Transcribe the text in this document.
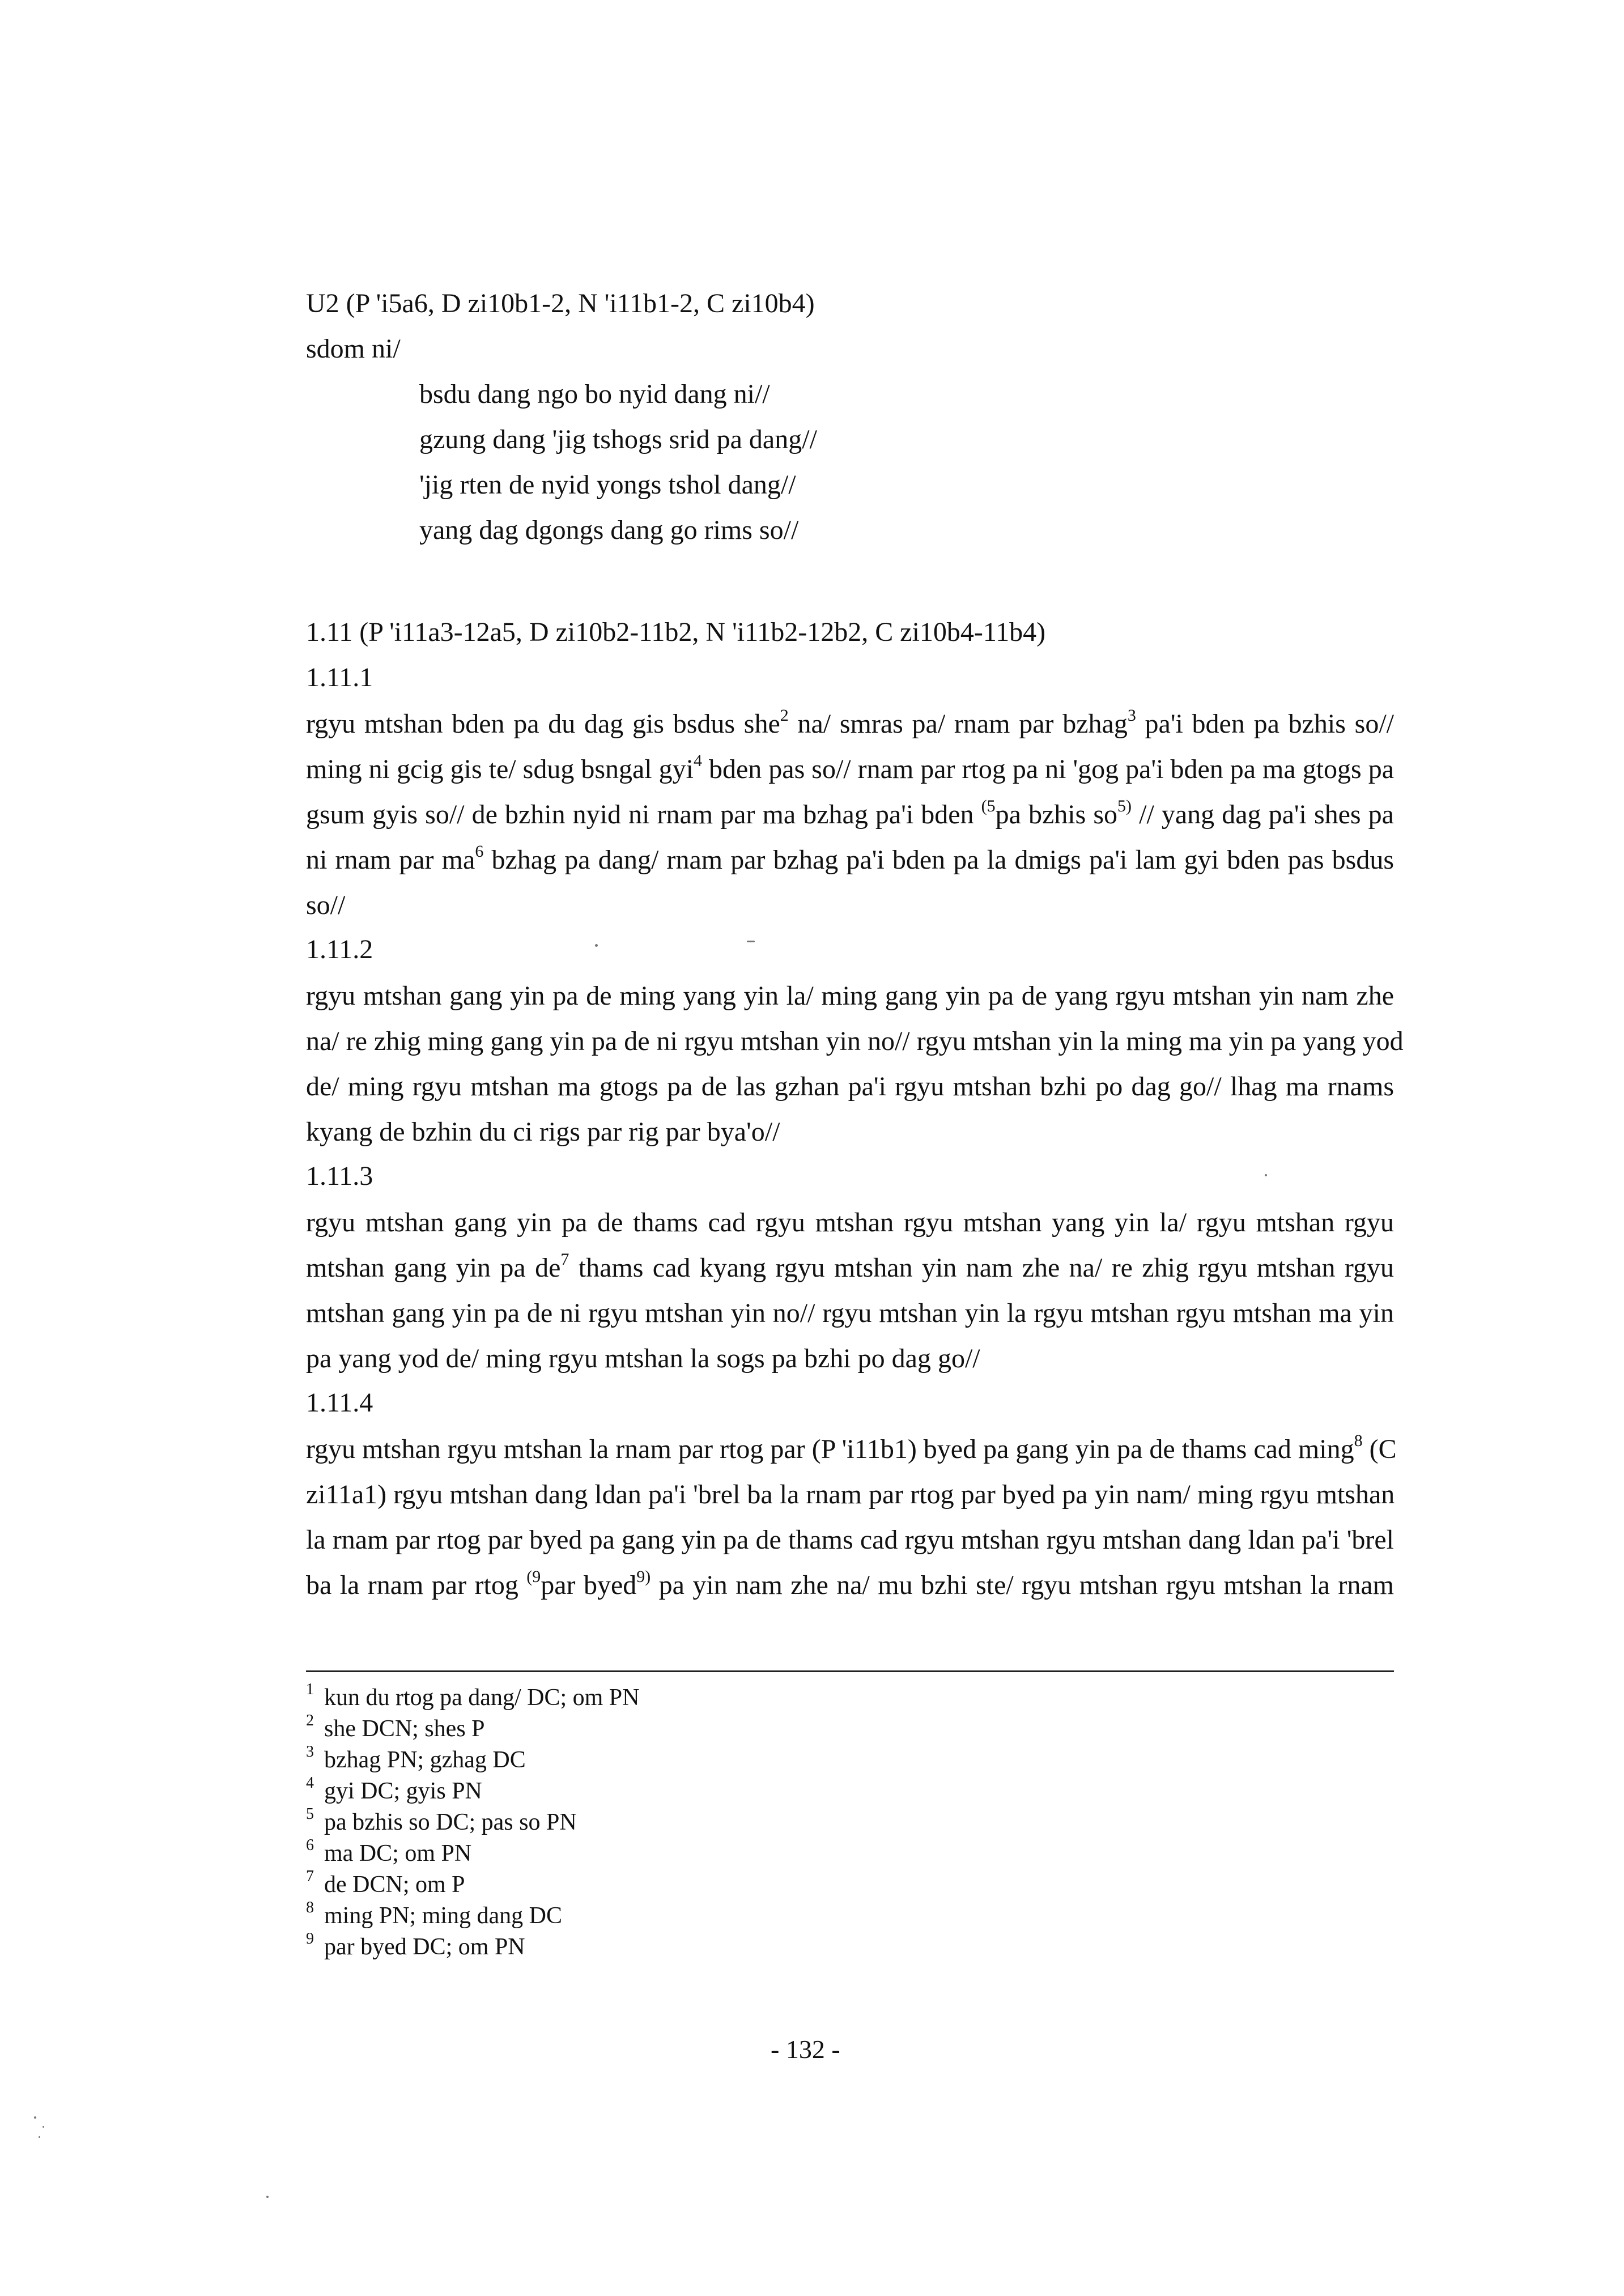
U2 (P 'i5a6, D zi10b1-2, N 'i11b1-2, C zi10b4)
sdom ni/
bsdu dang ngo bo nyid dang ni//
gzung dang 'jig tshogs srid pa dang//
'jig rten de nyid yongs tshol dang//
yang dag dgongs dang go rims so//
1.11 (P 'i11a3-12a5, D zi10b2-11b2, N 'i11b2-12b2, C zi10b4-11b4)
1.11.1
rgyu mtshan bden pa du dag gis bsdus she$^2$ na/ smras pa/ rnam par bzhag$^3$ pa'i bden pa bzhis so//
ming ni gcig gis te/ sdug bsngal gyi$^4$ bden pas so// rnam par rtog pa ni 'gog pa'i bden pa ma gtogs pa
gsum gyis so// de bzhin nyid ni rnam par ma bzhag pa'i bden $^{(5}$pa bzhis $so^{5)}$ // yang dag pa'i shes pa
ni rnam par $ma^6$ bzhag pa dang/ rnam par bzhag pa'i bden pa la dmigs pa'i lam gyi bden pas bsdus
so//
1.11.2
rgyu mtshan gang yin pa de ming yang yin la/ ming gang yin pa de yang rgyu mtshan yin nam zhe
na/ re zhig ming gang yin pa de ni rgyu mtshan yin no// rgyu mtshan yin la ming ma yin pa yang yod
de/ ming rgyu mtshan ma gtogs pa de las gzhan pa'i rgyu mtshan bzhi po dag go// lhag ma rnams
kyang de bzhin du ci rigs par rig par bya'o//
1.11.3
rgyu mtshan gang yin pa de thams cad rgyu mtshan rgyu mtshan yang yin la/ rgyu mtshan rgyu
mtshan gang yin pa $de^7$ thams cad kyang rgyu mtshan yin nam zhe na/ re zhig rgyu mtshan rgyu
mtshan gang yin pa de ni rgyu mtshan yin no// rgyu mtshan yin la rgyu mtshan rgyu mtshan ma yin
pa yang yod de/ ming rgyu mtshan la sogs pa bzhi po dag go//
1.11.4
rgyu mtshan rgyu mtshan la rnam par rtog par (P 'i11b1) byed pa gang yin pa de thams cad ming$^8$ (C
zi11a1) rgyu mtshan dang ldan pa'i 'brel ba la rnam par rtog par byed pa yin nam/ ming rgyu mtshan
la rnam par rtog par byed pa gang yin pa de thams cad rgyu mtshan rgyu mtshan dang ldan pa'i 'brel
ba la rnam par rtog $^{(9}$par byed$^{9)}$ pa yin nam zhe na/ mu bzhi ste/ rgyu mtshan rgyu mtshan la rnam
$^1$ kun du rtog pa dang/ DC; om PN
$^2$ she DCN; shes P
$^3$ bzhag PN; gzhag DC
$^4$ gyi DC; gyis PN
$^5$ pa bzhis so DC; pas so PN
$^6$ ma DC; om PN
$^7$ de DCN; om P
$^8$ ming PN; ming dang DC
$^9$ par byed DC; om PN
- 132 -
